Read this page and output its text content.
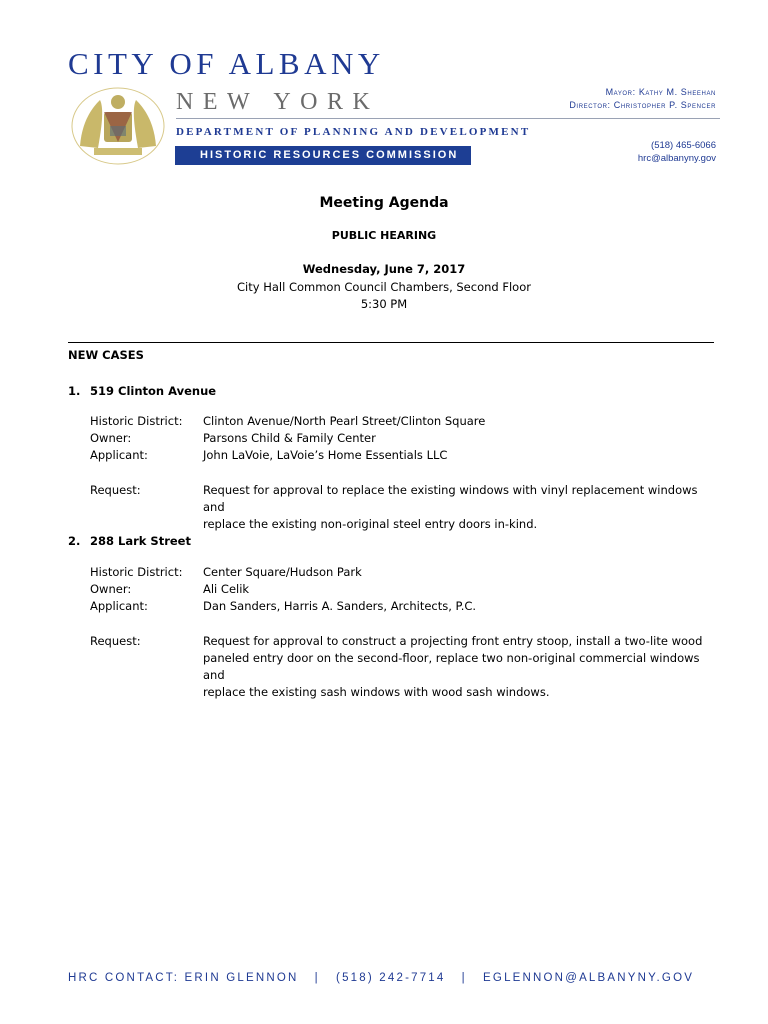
CITY OF ALBANY
NEW YORK
DEPARTMENT OF PLANNING AND DEVELOPMENT
HISTORIC RESOURCES COMMISSION
Mayor: Kathy M. Sheehan
Director: Christopher P. Spencer
(518) 465-6066
hrc@albanyny.gov
Meeting Agenda
PUBLIC HEARING
Wednesday, June 7, 2017
City Hall Common Council Chambers, Second Floor
5:30 PM
NEW CASES
1. 519 Clinton Avenue
Historic District: Clinton Avenue/North Pearl Street/Clinton Square
Owner:	Parsons Child & Family Center
Applicant:	John LaVoie, LaVoie’s Home Essentials LLC
Request:	Request for approval to replace the existing windows with vinyl replacement windows and
replace the existing non-original steel entry doors in-kind.
2. 288 Lark Street
Historic District: Center Square/Hudson Park
Owner:	Ali Celik
Applicant:	Dan Sanders, Harris A. Sanders, Architects, P.C.
Request:	Request for approval to construct a projecting front entry stoop, install a two-lite wood
paneled entry door on the second-floor, replace two non-original commercial windows and
replace the existing sash windows with wood sash windows.
HRC CONTACT: ERIN GLENNON   |   (518) 242-7714   |   EGLENNON@ALBANYNY.GOV
